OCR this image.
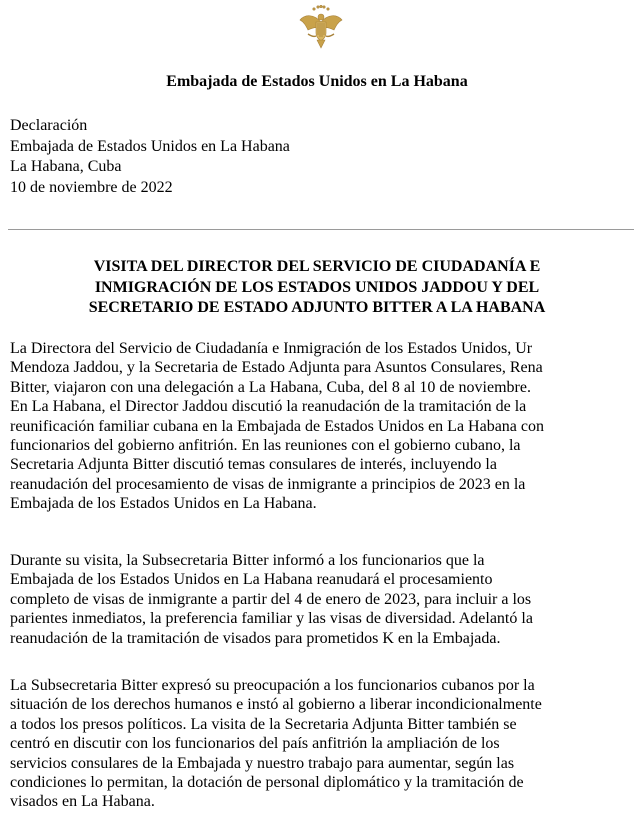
Embajada de Estados Unidos en La Habana
Declaración
Embajada de Estados Unidos en La Habana
La Habana, Cuba
10 de noviembre de 2022
VISITA DEL DIRECTOR DEL SERVICIO DE CIUDADANÍA E
INMIGRACIÓN DE LOS ESTADOS UNIDOS JADDOU Y DEL
SECRETARIO DE ESTADO ADJUNTO BITTER A LA HABANA
La Directora del Servicio de Ciudadanía e Inmigración de los Estados Unidos, Ur
Mendoza Jaddou, y la Secretaria de Estado Adjunta para Asuntos Consulares, Rena
Bitter, viajaron con una delegación a La Habana, Cuba, del 8 al 10 de noviembre.
En La Habana, el Director Jaddou discutió la reanudación de la tramitación de la
reunificación familiar cubana en la Embajada de Estados Unidos en La Habana con
funcionarios del gobierno anfitrión. En las reuniones con el gobierno cubano, la
Secretaria Adjunta Bitter discutió temas consulares de interés, incluyendo la
reanudación del procesamiento de visas de inmigrante a principios de 2023 en la
Embajada de los Estados Unidos en La Habana.
Durante su visita, la Subsecretaria Bitter informó a los funcionarios que la
Embajada de los Estados Unidos en La Habana reanudará el procesamiento
completo de visas de inmigrante a partir del 4 de enero de 2023, para incluir a los
parientes inmediatos, la preferencia familiar y las visas de diversidad. Adelantó la
reanudación de la tramitación de visados para prometidos K en la Embajada.
La Subsecretaria Bitter expresó su preocupación a los funcionarios cubanos por la
situación de los derechos humanos e instó al gobierno a liberar incondicionalmente
a todos los presos políticos. La visita de la Secretaria Adjunta Bitter también se
centró en discutir con los funcionarios del país anfitrión la ampliación de los
servicios consulares de la Embajada y nuestro trabajo para aumentar, según las
condiciones lo permitan, la dotación de personal diplomático y la tramitación de
visados en La Habana.
